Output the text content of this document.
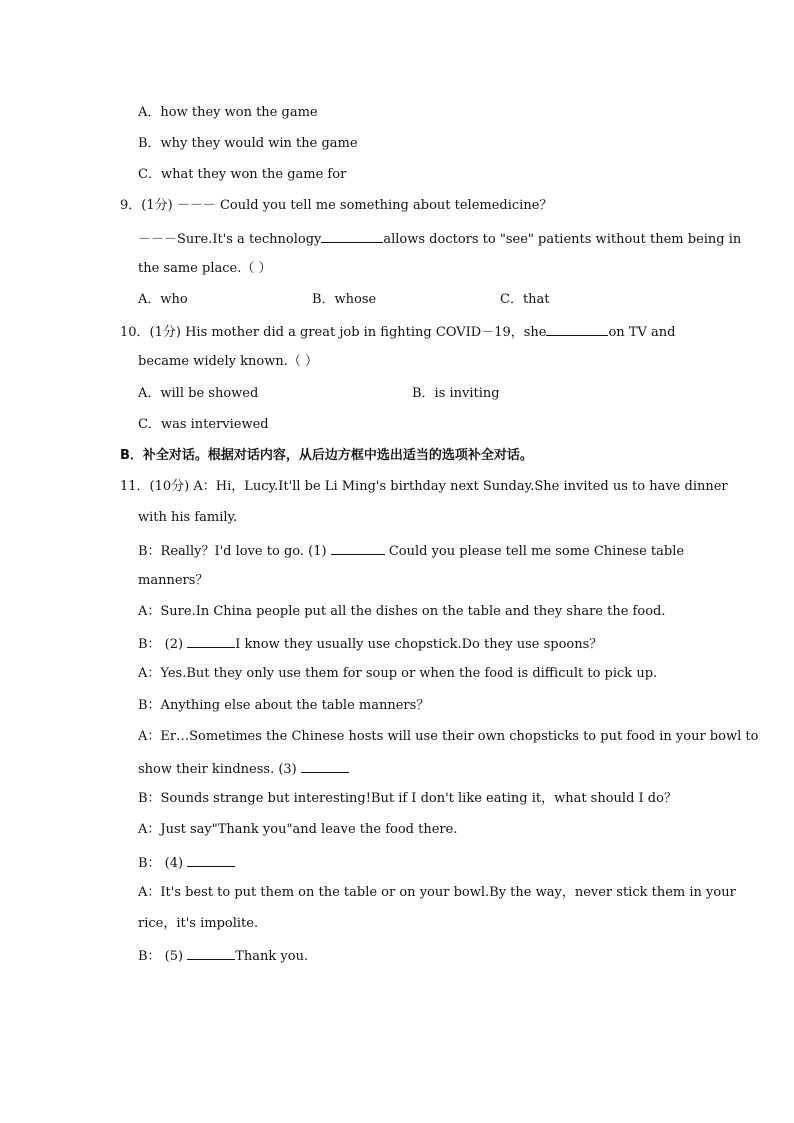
A．how they won the game
B．why they would win the game
C．what they won the game for
9．(1分) －－－ Could you tell me something about telemedicine？
－－－Sure.It's a technology	allows doctors to "see" patients without them being in
the same place.（ ）
A．who	B．whose	C．that
10．(1分) His mother did a great job in fighting COVID－19，she	on TV and
became widely known.（ ）
A．will be showed	B．is inviting
C．was interviewed
B．补全对话。根据对话内容，从后边方框中选出适当的选项补全对话。
11．(10分) A：Hi，Lucy.It'll be Li Ming's birthday next Sunday.She invited us to have dinner
with his family.
B：Really？I'd love to go. (1)	Could you please tell me some Chinese table
manners？
A：Sure.In China people put all the dishes on the table and they share the food.
B： (2)	I know they usually use chopstick.Do they use spoons？
A：Yes.But they only use them for soup or when the food is difficult to pick up.
B：Anything else about the table manners？
A：Er…Sometimes the Chinese hosts will use their own chopsticks to put food in your bowl to
show their kindness. (3)
B：Sounds strange but interesting!But if I don't like eating it，what should I do？
A：Just say"Thank you"and leave the food there.
B： (4)
A：It's best to put them on the table or on your bowl.By the way，never stick them in your
rice，it's impolite.
B： (5)	Thank you.
